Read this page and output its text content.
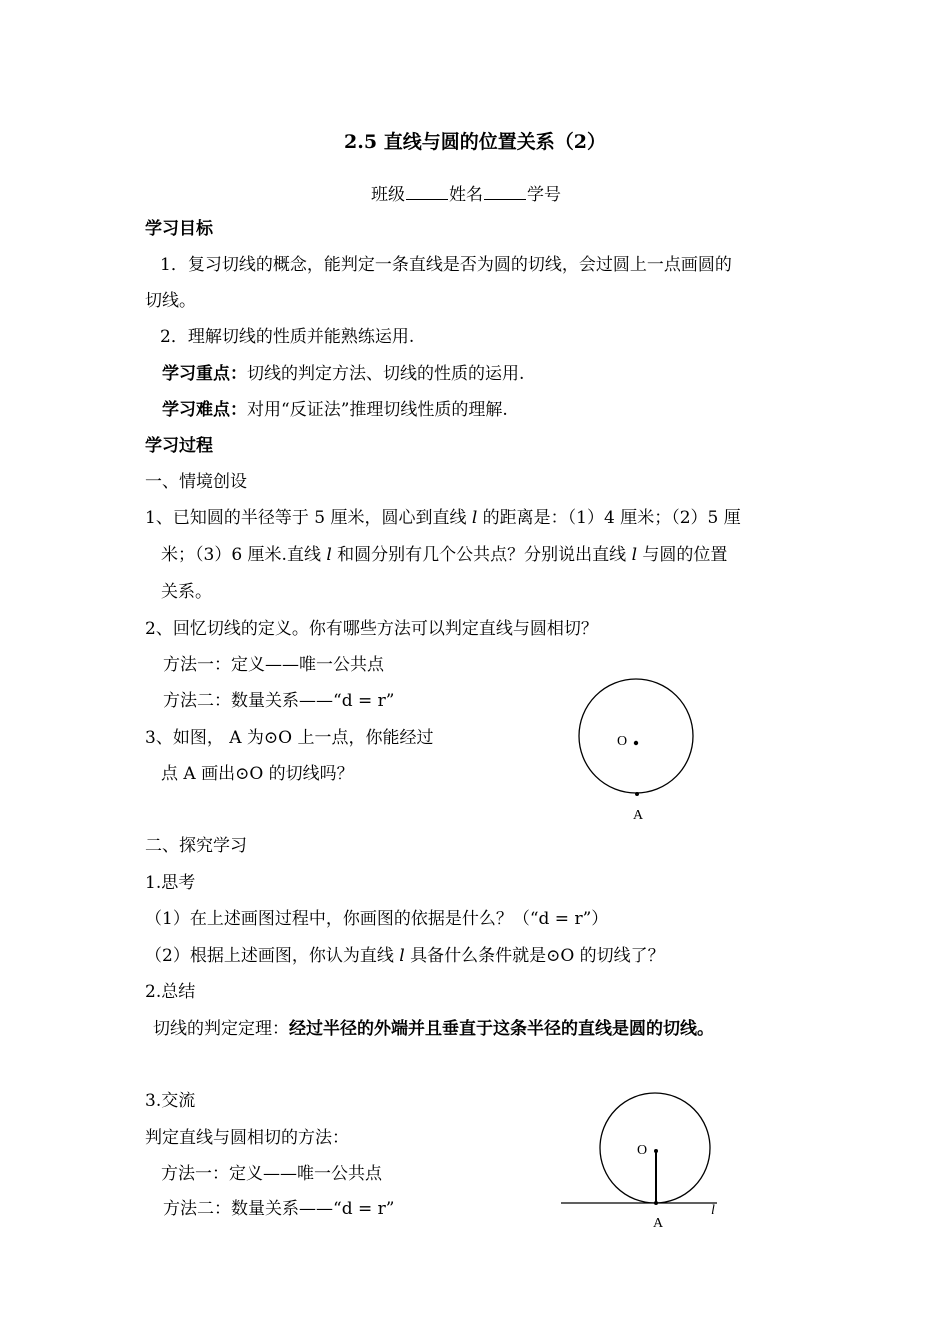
2.5 直线与圆的位置关系（2）
班级	姓名	学号
学习目标
1．复习切线的概念，能判定一条直线是否为圆的切线，会过圆上一点画圆的
切线。
2．理解切线的性质并能熟练运用.
学习重点：切线的判定方法、切线的性质的运用.
学习难点：对用“反证法”推理切线性质的理解.
学习过程
一、情境创设
1、已知圆的半径等于 5 厘米，圆心到直线 l 的距离是：（1）4 厘米；（2）5 厘
米；（3）6 厘米.直线 l 和圆分别有几个公共点？分别说出直线 l 与圆的位置
关系。
2、回忆切线的定义。你有哪些方法可以判定直线与圆相切？
方法一：定义——唯一公共点
方法二：数量关系——“d = r”
3、如图， A 为⊙O 上一点，你能经过
点 A 画出⊙O 的切线吗？
O
A
二、探究学习
1.思考
（1）在上述画图过程中，你画图的依据是什么？（“d = r”）
（2）根据上述画图，你认为直线 l 具备什么条件就是⊙O 的切线了？
2.总结
切线的判定定理：经过半径的外端并且垂直于这条半径的直线是圆的切线。
3.交流
判定直线与圆相切的方法：
方法一：定义——唯一公共点
方法二：数量关系——“d = r”
O
A
l
